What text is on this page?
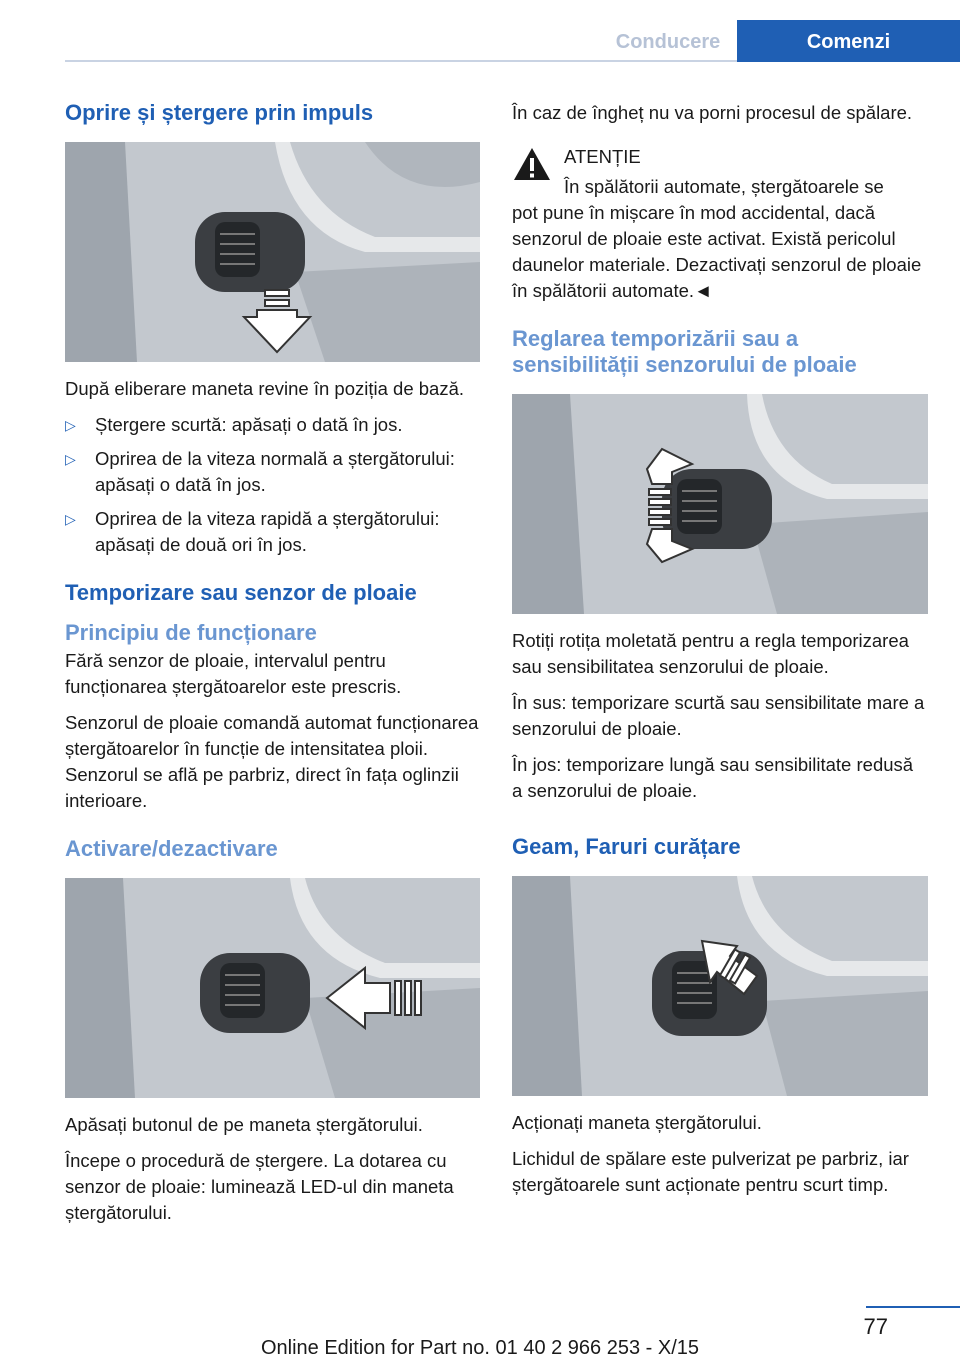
Conducere	Comenzi
Oprire și ștergere prin impuls

După eliberare maneta revine în poziția de bază.

▷ Ștergere scurtă: apăsați o dată în jos.
▷ Oprirea de la viteza normală a ștergătorului: apăsați o dată în jos.
▷ Oprirea de la viteza rapidă a ștergătorului: apăsați de două ori în jos.
Temporizare sau senzor de ploaie
Principiu de funcționare

Fără senzor de ploaie, intervalul pentru funcționarea ștergătoarelor este prescris.

Senzorul de ploaie comandă automat funcționarea ștergătoarelor în funcție de intensitatea ploii. Senzorul se află pe parbriz, direct în fața oglinzii interioare.

Activare/dezactivare

Apăsați butonul de pe maneta ștergătorului.

Începe o procedură de ștergere. La dotarea cu senzor de ploaie: luminează LED-ul din maneta ștergătorului.

În caz de îngheț nu va porni procesul de spălare.

ATENȚIE
În spălătorii automate, ștergătoarele se

pot pune în mișcare în mod accidental, dacă senzorul de ploaie este activat. Există pericolul daunelor materiale. Dezactivați senzorul de ploaie în spălătorii automate.◄

Reglarea temporizării sau a sensibilității senzorului de ploaie

Rotiți rotița moletată pentru a regla temporizarea sau sensibilitatea senzorului de ploaie.

În sus: temporizare scurtă sau sensibilitate mare a senzorului de ploaie.

În jos: temporizare lungă sau sensibilitate redusă a senzorului de ploaie.

Geam, Faruri curățare

Acționați maneta ștergătorului.

Lichidul de spălare este pulverizat pe parbriz, iar ștergătoarele sunt acționate pentru scurt timp.

77
Online Edition for Part no. 01 40 2 966 253 - X/15
